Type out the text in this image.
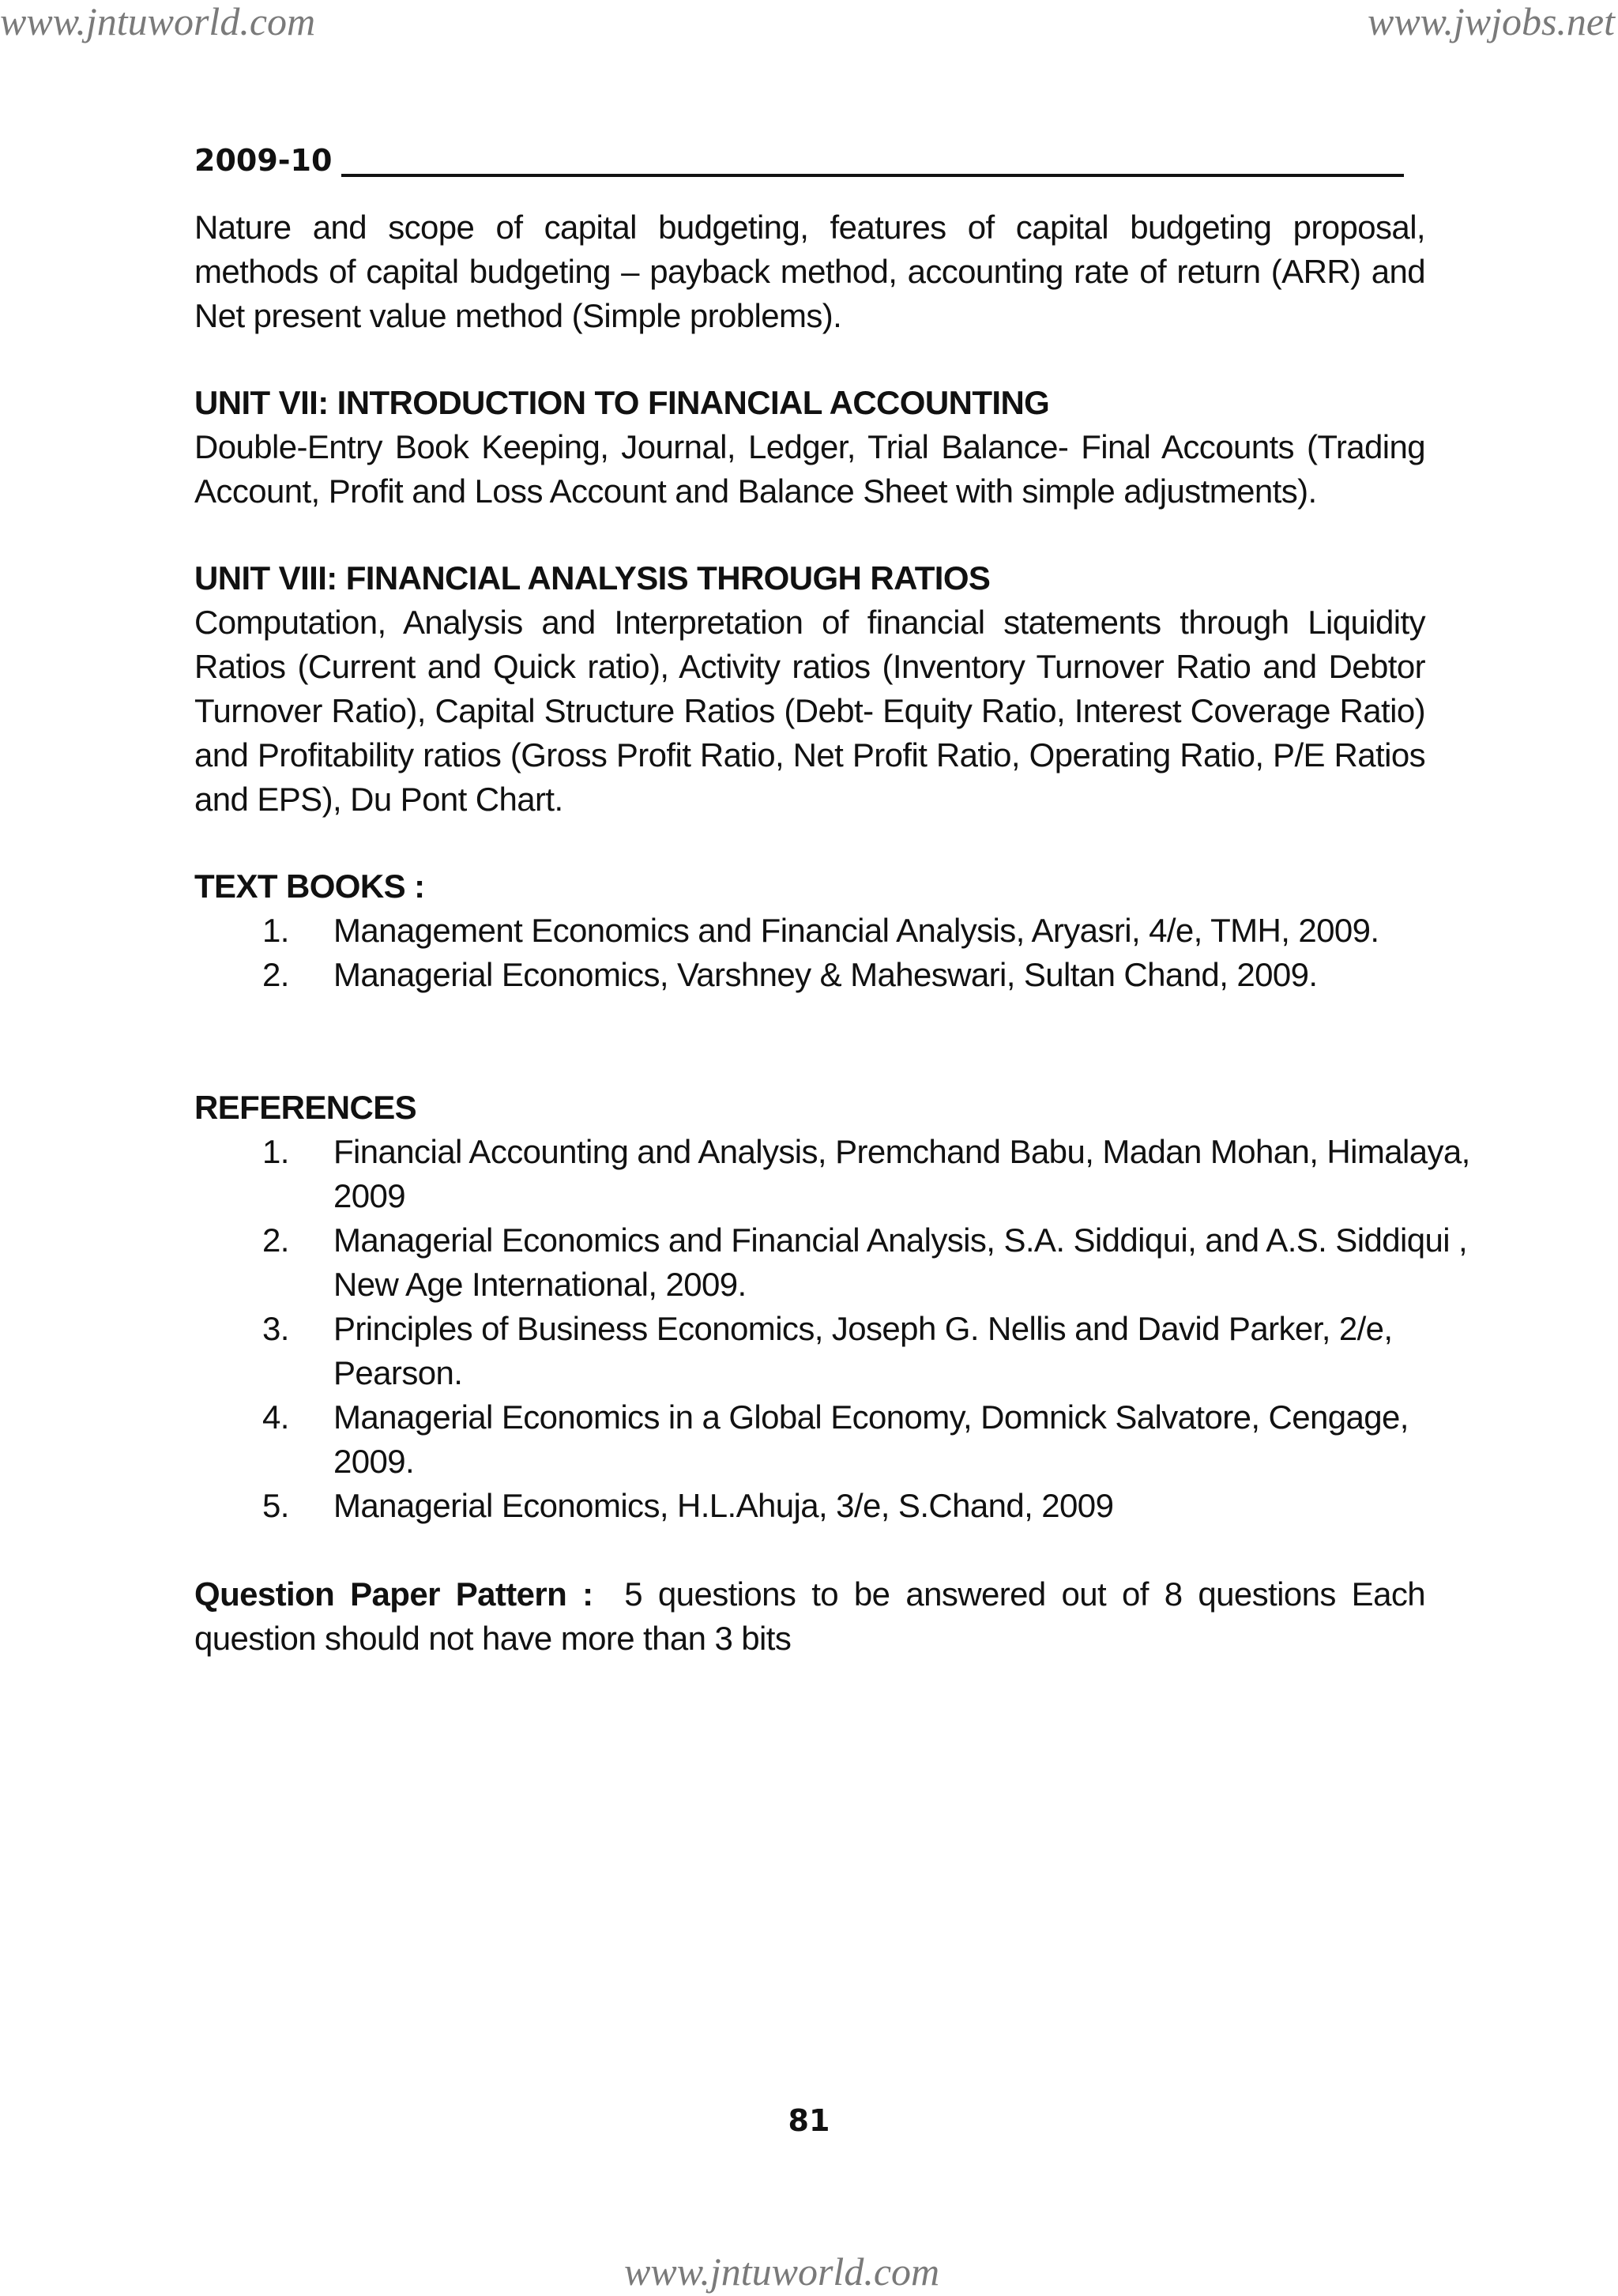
www.jntuworld.com	www.jwjobs.net
2009-10

Nature and scope of capital budgeting, features of capital budgeting proposal, methods of capital budgeting – payback method, accounting rate of return (ARR) and Net present value method (Simple problems).

UNIT VII: INTRODUCTION TO FINANCIAL ACCOUNTING

Double-Entry Book Keeping, Journal, Ledger, Trial Balance- Final Accounts (Trading Account, Profit and Loss Account and Balance Sheet with simple adjustments).

UNIT VIII: FINANCIAL ANALYSIS THROUGH RATIOS

Computation, Analysis and Interpretation of financial statements through Liquidity Ratios (Current and Quick ratio), Activity ratios (Inventory Turnover Ratio and Debtor Turnover Ratio), Capital Structure Ratios (Debt- Equity Ratio, Interest Coverage Ratio) and Profitability ratios (Gross Profit Ratio, Net Profit Ratio, Operating Ratio, P/E Ratios and EPS), Du Pont Chart.

TEXT BOOKS :

1. Management Economics and Financial Analysis, Aryasri, 4/e, TMH, 2009.
2. Managerial Economics, Varshney & Maheswari, Sultan Chand, 2009.

REFERENCES

1. Financial Accounting and Analysis, Premchand Babu, Madan Mohan, Himalaya, 2009
2. Managerial Economics and Financial Analysis, S.A. Siddiqui, and A.S. Siddiqui , New Age International, 2009.
3. Principles of Business Economics, Joseph G. Nellis and David Parker, 2/e, Pearson.
4. Managerial Economics in a Global Economy, Domnick Salvatore, Cengage, 2009.
5. Managerial Economics, H.L.Ahuja, 3/e, S.Chand, 2009

Question Paper Pattern : 5 questions to be answered out of 8 questions Each question should not have more than 3 bits

81
www.jntuworld.com
